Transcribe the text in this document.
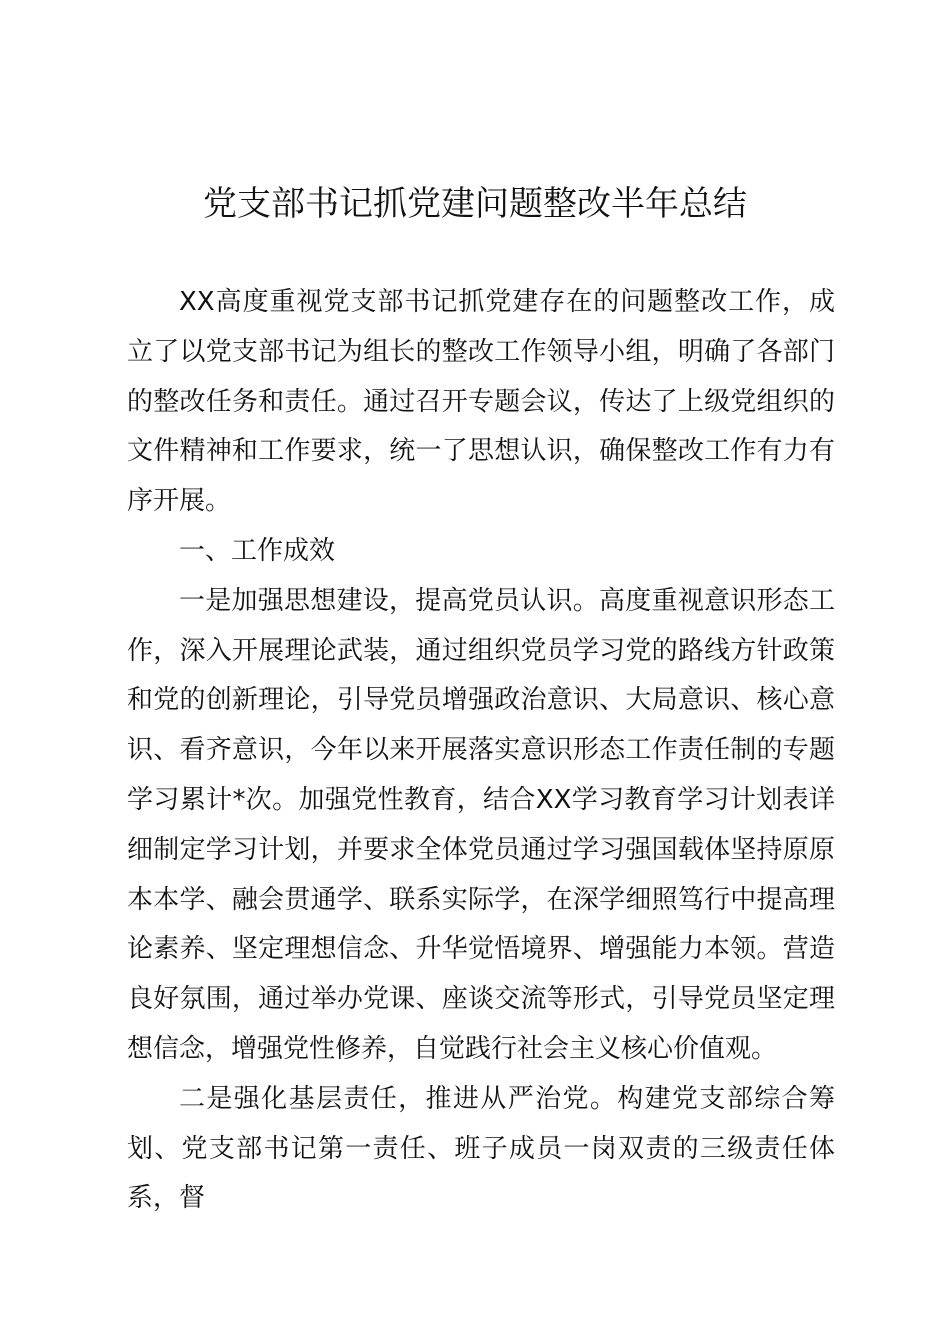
党支部书记抓党建问题整改半年总结

XX高度重视党支部书记抓党建存在的问题整改工作，成立了以党支部书记为组长的整改工作领导小组，明确了各部门的整改任务和责任。通过召开专题会议，传达了上级党组织的文件精神和工作要求，统一了思想认识，确保整改工作有力有序开展。

一、工作成效

一是加强思想建设，提高党员认识。高度重视意识形态工作，深入开展理论武装，通过组织党员学习党的路线方针政策和党的创新理论，引导党员增强政治意识、大局意识、核心意识、看齐意识，今年以来开展落实意识形态工作责任制的专题学习累计*次。加强党性教育，结合XX学习教育学习计划表详细制定学习计划，并要求全体党员通过学习强国载体坚持原原本本学、融会贯通学、联系实际学，在深学细照笃行中提高理论素养、坚定理想信念、升华觉悟境界、增强能力本领。营造良好氛围，通过举办党课、座谈交流等形式，引导党员坚定理想信念，增强党性修养，自觉践行社会主义核心价值观。

二是强化基层责任，推进从严治党。构建党支部综合筹划、党支部书记第一责任、班子成员一岗双责的三级责任体系，督
